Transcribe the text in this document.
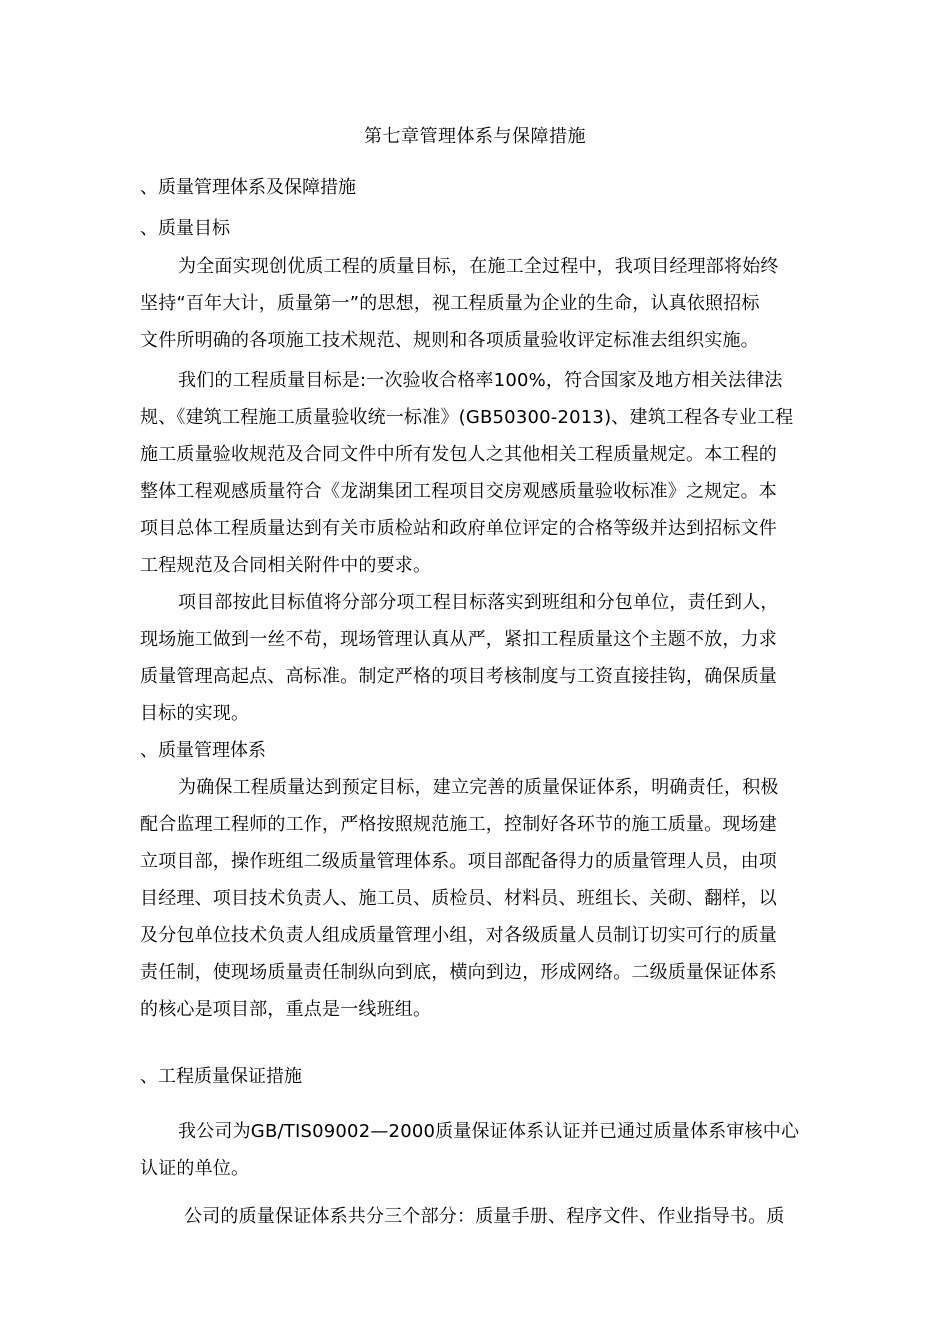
第七章管理体系与保障措施
、质量管理体系及保障措施
、质量目标
为全面实现创优质工程的质量目标，在施工全过程中，我项目经理部将始终
坚持“百年大计，质量第一”的思想，视工程质量为企业的生命，认真依照招标
文件所明确的各项施工技术规范、规则和各项质量验收评定标准去组织实施。
我们的工程质量目标是:一次验收合格率100%，符合国家及地方相关法律法
规、《建筑工程施工质量验收统一标准》(GB50300-2013)、建筑工程各专业工程
施工质量验收规范及合同文件中所有发包人之其他相关工程质量规定。本工程的
整体工程观感质量符合《龙湖集团工程项目交房观感质量验收标准》之规定。本
项目总体工程质量达到有关市质检站和政府单位评定的合格等级并达到招标文件
工程规范及合同相关附件中的要求。
项目部按此目标值将分部分项工程目标落实到班组和分包单位，责任到人，
现场施工做到一丝不苟，现场管理认真从严，紧扣工程质量这个主题不放，力求
质量管理高起点、高标准。制定严格的项目考核制度与工资直接挂钩，确保质量
目标的实现。
、质量管理体系
为确保工程质量达到预定目标，建立完善的质量保证体系，明确责任，积极
配合监理工程师的工作，严格按照规范施工，控制好各环节的施工质量。现场建
立项目部，操作班组二级质量管理体系。项目部配备得力的质量管理人员，由项
目经理、项目技术负责人、施工员、质检员、材料员、班组长、关砌、翻样，以
及分包单位技术负责人组成质量管理小组，对各级质量人员制订切实可行的质量
责任制，使现场质量责任制纵向到底，横向到边，形成网络。二级质量保证体系
的核心是项目部，重点是一线班组。
、工程质量保证措施
我公司为GB/TIS09002—2000质量保证体系认证并已通过质量体系审核中心
认证的单位。
公司的质量保证体系共分三个部分：质量手册、程序文件、作业指导书。质
